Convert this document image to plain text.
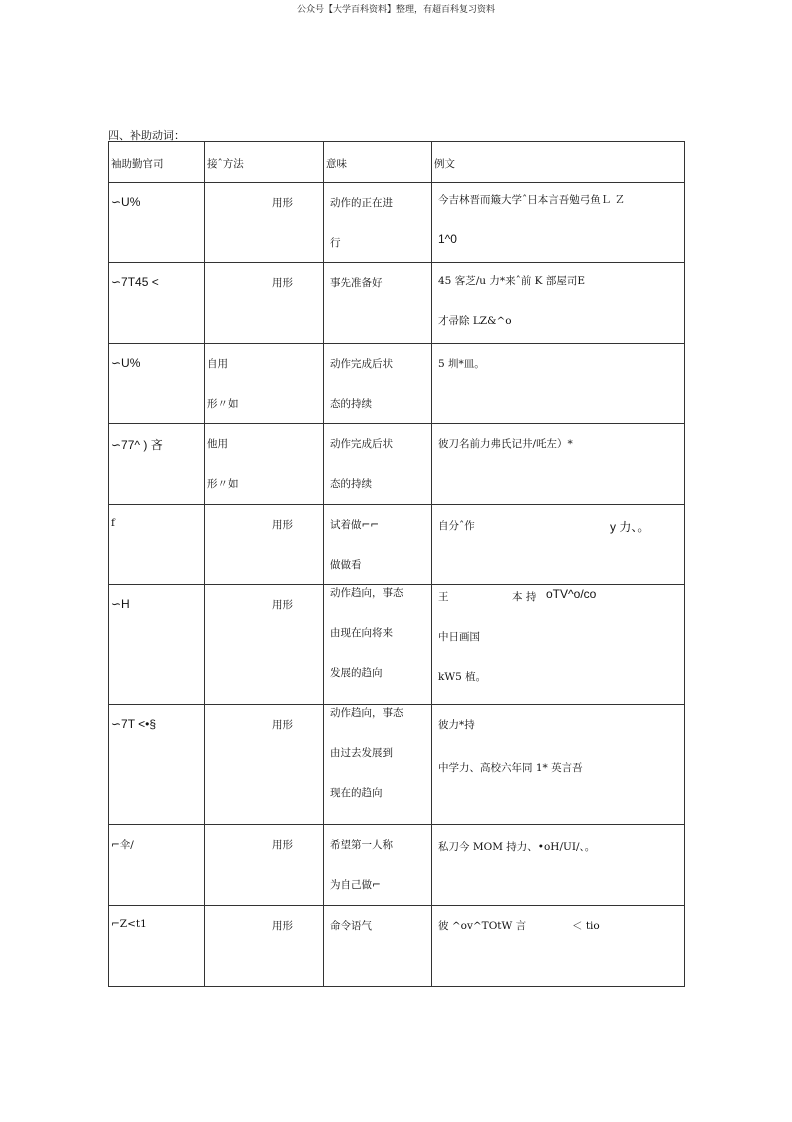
公众号【大学百科资料】整理，有超百科复习资料
四、补助动词：
袖助勤官司	接ˆ方法	意味	例文

∽U%	用形	动作的正在进
行	今吉林晋而簸大学ˆ日本言吾勉弓鱼Ｌ Ｚ
1^0

∽7T45 <	用形	事先准备好	45 客芝/u 力*来ˆ前 K 部屋司E
才帚除 LZ&^o

∽U%	自用
形〃如	动作完成后状
态的持续	5 圳*皿。

∽77^ ) 吝	他用
形〃如	动作完成后状
态的持续	彼刀名前力弗氏记井/吒左）*

f	用形	试着做⌐⌐
做做看	自分ˆ作 y 力、。

∽H	用形	动作趋向，事态
由现在向将来
发展的趋向	王 本 持 oTV^o/co
中日画国
kW5 植。

∽7T <•§	用形	动作趋向，事态
由过去发展到
现在的趋向	彼力*持
中学力、高校六年同 1* 英言吾

⌐伞/	用形	希望第一人称
为自己做⌐	私刀今 MOM 持力、•oH/UI/、。

⌐Z<t1	用形	命令语气	彼 ^ov^TOtW 言 ＜ tio
